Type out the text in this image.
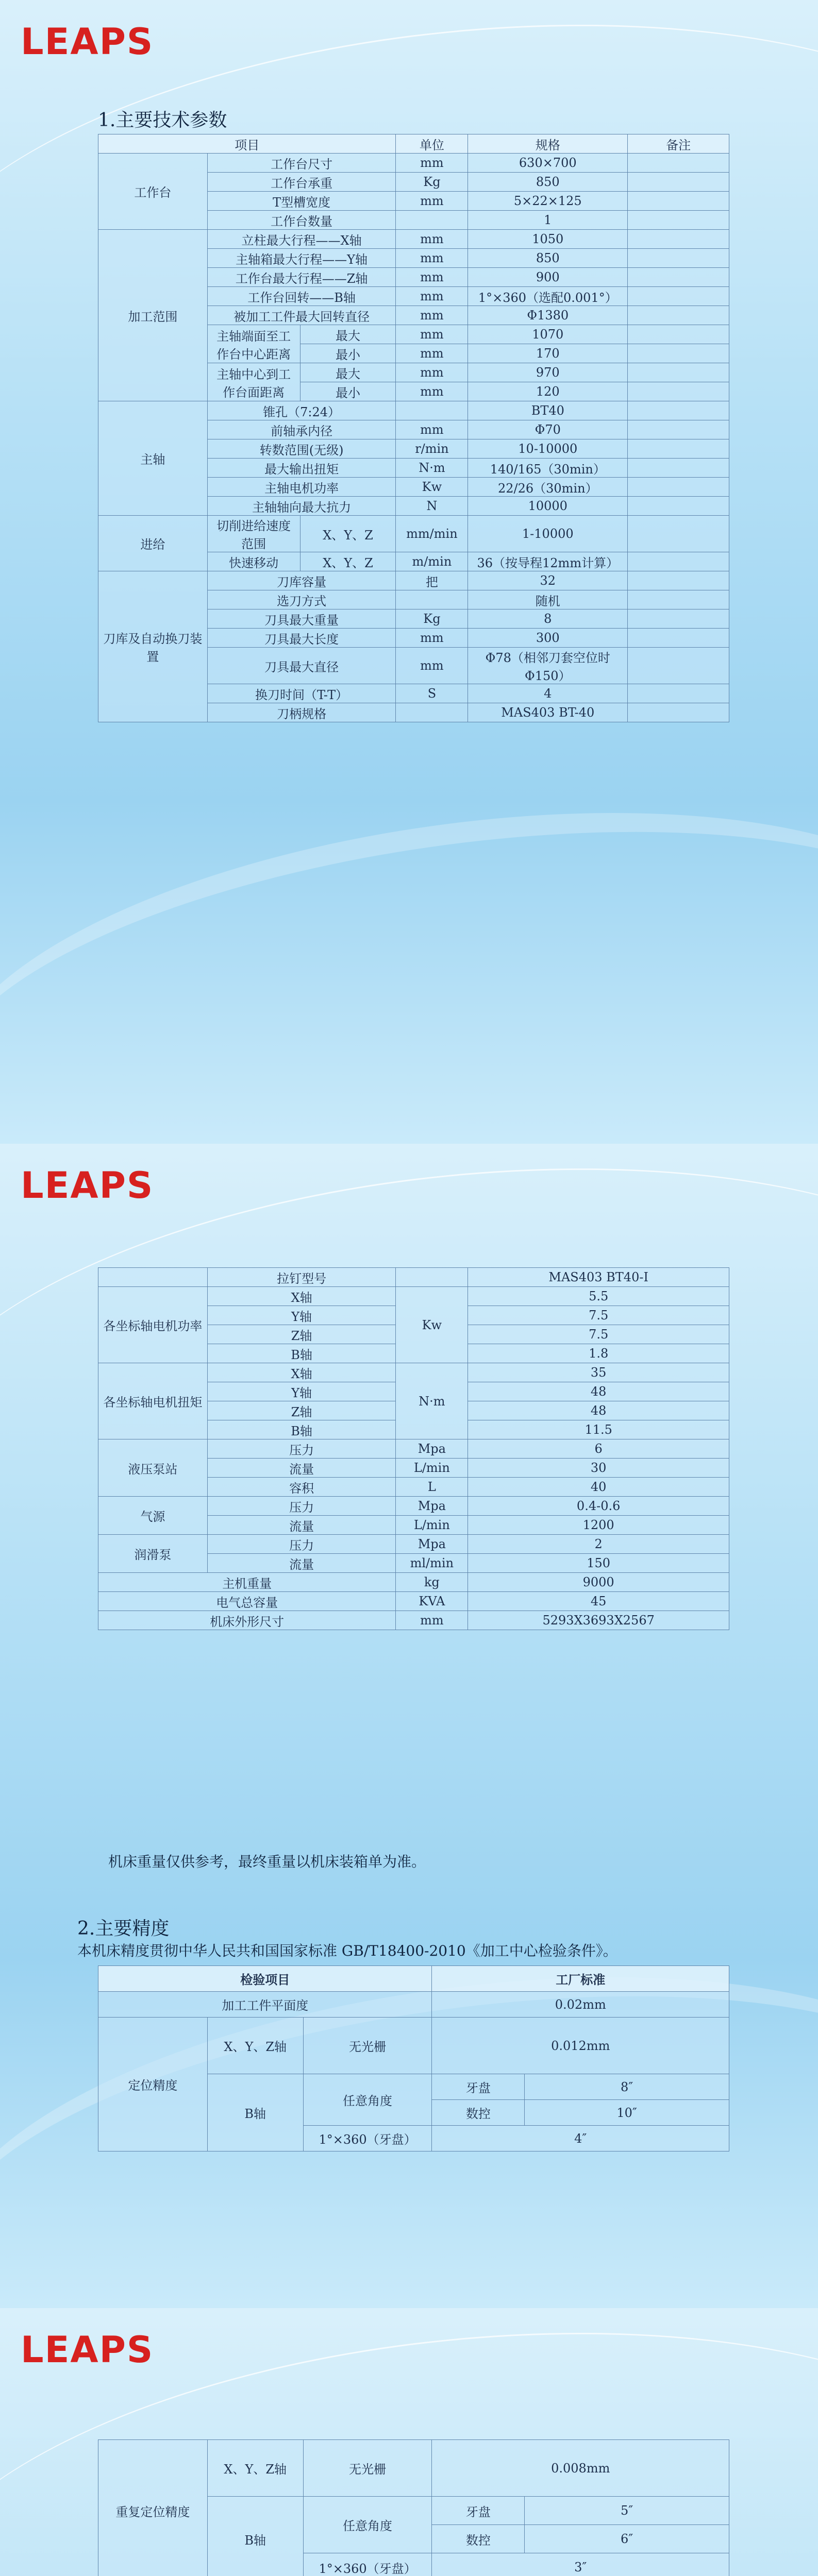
LEAPS
1.主要技术参数
项目			单位	规格	备注
工作台	工作台尺寸		mm	630×700	
	工作台承重		Kg	850	
	T型槽宽度		mm	5×22×125	
	工作台数量			1	
加工范围	立柱最大行程——X轴		mm	1050	
	主轴箱最大行程——Y轴		mm	850	
	工作台最大行程——Z轴		mm	900	
	工作台回转——B轴		mm	1°×360（选配0.001°）	
	被加工工件最大回转直径		mm	Φ1380	
	主轴端面至工作台中心距离	最大	mm	1070	
		最小	mm	170	
	主轴中心到工作台面距离	最大	mm	970	
		最小	mm	120	
主轴	锥孔（7:24）			BT40	
	前轴承内径		mm	Φ70	
	转数范围(无级)		r/min	10-10000	
	最大输出扭矩		N·m	140/165（30min）	
	主轴电机功率		Kw	22/26（30min）	
	主轴轴向最大抗力		N	10000	
进给	切削进给速度范围	X、Y、Z	mm/min	1-10000	
	快速移动	X、Y、Z	m/min	36（按导程12mm计算）	
刀库及自动换刀装置	刀库容量		把	32	
	选刀方式			随机	
	刀具最大重量		Kg	8	
	刀具最大长度		mm	300	
	刀具最大直径		mm	Φ78（相邻刀套空位时Φ150）	
	换刀时间（T-T）		S	4	
	刀柄规格			MAS403 BT-40	
LEAPS
	拉钉型号		MAS403 BT40-Ⅰ
各坐标轴电机功率	X轴	Kw	5.5
	Y轴		7.5
	Z轴		7.5
	B轴		1.8
各坐标轴电机扭矩	X轴	N·m	35
	Y轴		48
	Z轴		48
	B轴		11.5
液压泵站	压力	Mpa	6
	流量	L/min	30
	容积	L	40
气源	压力	Mpa	0.4-0.6
	流量	L/min	1200
润滑泵	压力	Mpa	2
	流量	ml/min	150
主机重量		kg	9000
电气总容量		KVA	45
机床外形尺寸		mm	5293X3693X2567
机床重量仅供参考，最终重量以机床装箱单为准。
2.主要精度
本机床精度贯彻中华人民共和国国家标准 GB/T18400-2010《加工中心检验条件》。
检验项目			工厂标准	
加工工件平面度			0.02mm	
定位精度	X、Y、Z轴	无光栅	0.012mm	
	B轴	任意角度	牙盘	8″
			数控	10″
		1°×360（牙盘）	4″	
LEAPS
重复定位精度	X、Y、Z轴	无光栅	0.008mm	
	B轴	任意角度	牙盘	5″
			数控	6″
		1°×360（牙盘）	3″	
